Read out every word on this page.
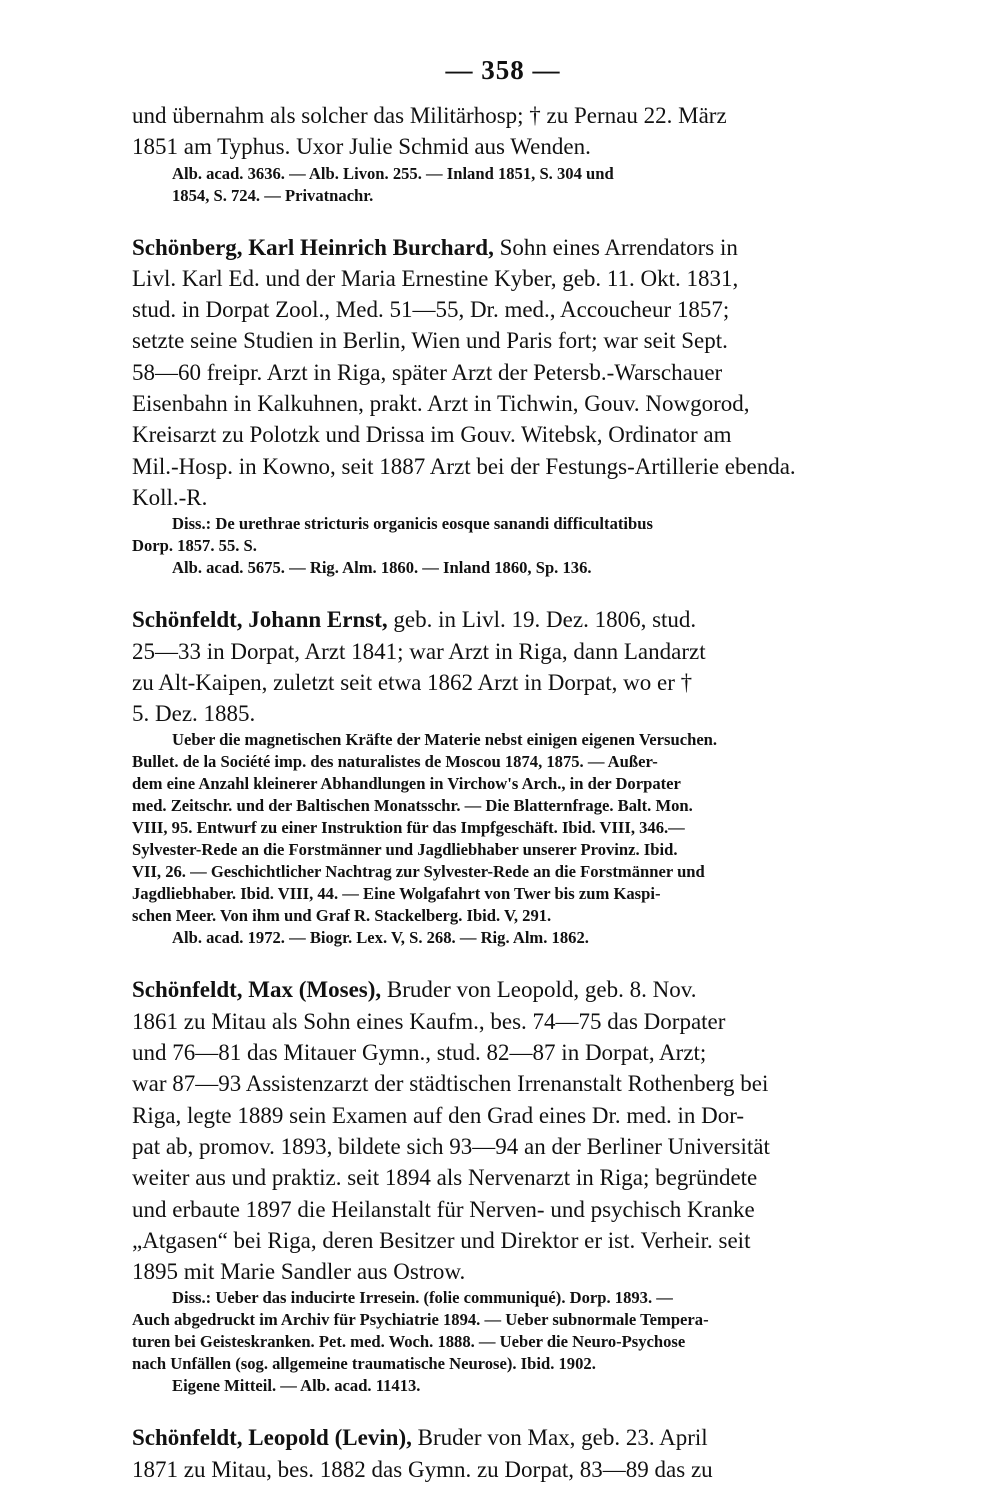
— 358 —

und übernahm als solcher das Militärhosp; † zu Pernau 22. März

1851 am Typhus. Uxor Julie Schmid aus Wenden.

Alb. acad. 3636. — Alb. Livon. 255. — Inland 1851, S. 304 und

1854, S. 724. — Privatnachr.

Schönberg, Karl Heinrich Burchard, Sohn eines Arrendators in

Livl. Karl Ed. und der Maria Ernestine Kyber, geb. 11. Okt. 1831,

stud. in Dorpat Zool., Med. 51—55, Dr. med., Accoucheur 1857;

setzte seine Studien in Berlin, Wien und Paris fort; war seit Sept.

58—60 freipr. Arzt in Riga, später Arzt der Petersb.-Warschauer

Eisenbahn in Kalkuhnen, prakt. Arzt in Tichwin, Gouv. Nowgorod,

Kreisarzt zu Polotzk und Drissa im Gouv. Witebsk, Ordinator am

Mil.-Hosp. in Kowno, seit 1887 Arzt bei der Festungs-Artillerie ebenda.

Koll.-R.

Diss.: De urethrae stricturis organicis eosque sanandi difficultatibus

Dorp. 1857. 55. S.

Alb. acad. 5675. — Rig. Alm. 1860. — Inland 1860, Sp. 136.

Schönfeldt, Johann Ernst, geb. in Livl. 19. Dez. 1806, stud.

25—33 in Dorpat, Arzt 1841; war Arzt in Riga, dann Landarzt

zu Alt-Kaipen, zuletzt seit etwa 1862 Arzt in Dorpat, wo er †

5. Dez. 1885.

Ueber die magnetischen Kräfte der Materie nebst einigen eigenen Versuchen.

Bullet. de la Société imp. des naturalistes de Moscou 1874, 1875. — Außer-

dem eine Anzahl kleinerer Abhandlungen in Virchow's Arch., in der Dorpater

med. Zeitschr. und der Baltischen Monatsschr. — Die Blatternfrage. Balt. Mon.

VIII, 95. Entwurf zu einer Instruktion für das Impfgeschäft. Ibid. VIII, 346.—

Sylvester-Rede an die Forstmänner und Jagdliebhaber unserer Provinz. Ibid.

VII, 26. — Geschichtlicher Nachtrag zur Sylvester-Rede an die Forstmänner und

Jagdliebhaber. Ibid. VIII, 44. — Eine Wolgafahrt von Twer bis zum Kaspi-

schen Meer. Von ihm und Graf R. Stackelberg. Ibid. V, 291.

Alb. acad. 1972. — Biogr. Lex. V, S. 268. — Rig. Alm. 1862.

Schönfeldt, Max (Moses), Bruder von Leopold, geb. 8. Nov.

1861 zu Mitau als Sohn eines Kaufm., bes. 74—75 das Dorpater

und 76—81 das Mitauer Gymn., stud. 82—87 in Dorpat, Arzt;

war 87—93 Assistenzarzt der städtischen Irrenanstalt Rothenberg bei

Riga, legte 1889 sein Examen auf den Grad eines Dr. med. in Dor-

pat ab, promov. 1893, bildete sich 93—94 an der Berliner Universität

weiter aus und praktiz. seit 1894 als Nervenarzt in Riga; begründete

und erbaute 1897 die Heilanstalt für Nerven- und psychisch Kranke

„Atgasen“ bei Riga, deren Besitzer und Direktor er ist. Verheir. seit

1895 mit Marie Sandler aus Ostrow.

Diss.: Ueber das inducirte Irresein. (folie communiqué). Dorp. 1893. —

Auch abgedruckt im Archiv für Psychiatrie 1894. — Ueber subnormale Tempera-

turen bei Geisteskranken. Pet. med. Woch. 1888. — Ueber die Neuro-Psychose

nach Unfällen (sog. allgemeine traumatische Neurose). Ibid. 1902.

Eigene Mitteil. — Alb. acad. 11413.

Schönfeldt, Leopold (Levin), Bruder von Max, geb. 23. April

1871 zu Mitau, bes. 1882 das Gymn. zu Dorpat, 83—89 das zu
